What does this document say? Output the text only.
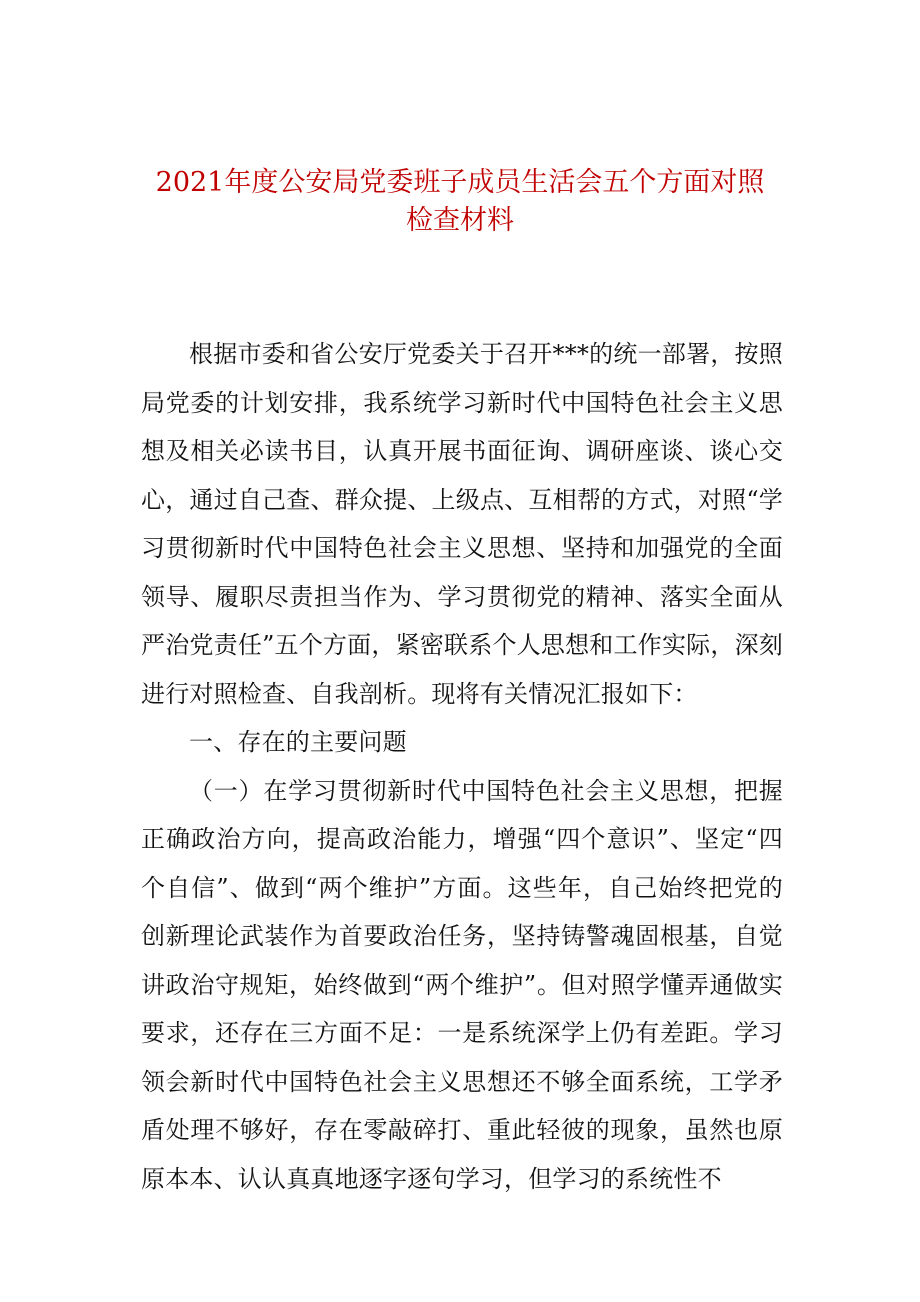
2021年度公安局党委班子成员生活会五个方面对照
检查材料

根据市委和省公安厅党委关于召开***的统一部署，按照局党委的计划安排，我系统学习新时代中国特色社会主义思想及相关必读书目，认真开展书面征询、调研座谈、谈心交心，通过自己查、群众提、上级点、互相帮的方式，对照“学习贯彻新时代中国特色社会主义思想、坚持和加强党的全面领导、履职尽责担当作为、学习贯彻党的精神、落实全面从严治党责任”五个方面，紧密联系个人思想和工作实际，深刻进行对照检查、自我剖析。现将有关情况汇报如下：

一、存在的主要问题

（一）在学习贯彻新时代中国特色社会主义思想，把握正确政治方向，提高政治能力，增强“四个意识”、坚定“四个自信”、做到“两个维护”方面。这些年，自己始终把党的创新理论武装作为首要政治任务，坚持铸警魂固根基，自觉讲政治守规矩，始终做到“两个维护”。但对照学懂弄通做实要求，还存在三方面不足：一是系统深学上仍有差距。学习领会新时代中国特色社会主义思想还不够全面系统，工学矛盾处理不够好，存在零敲碎打、重此轻彼的现象，虽然也原原本本、认认真真地逐字逐句学习，但学习的系统性不
